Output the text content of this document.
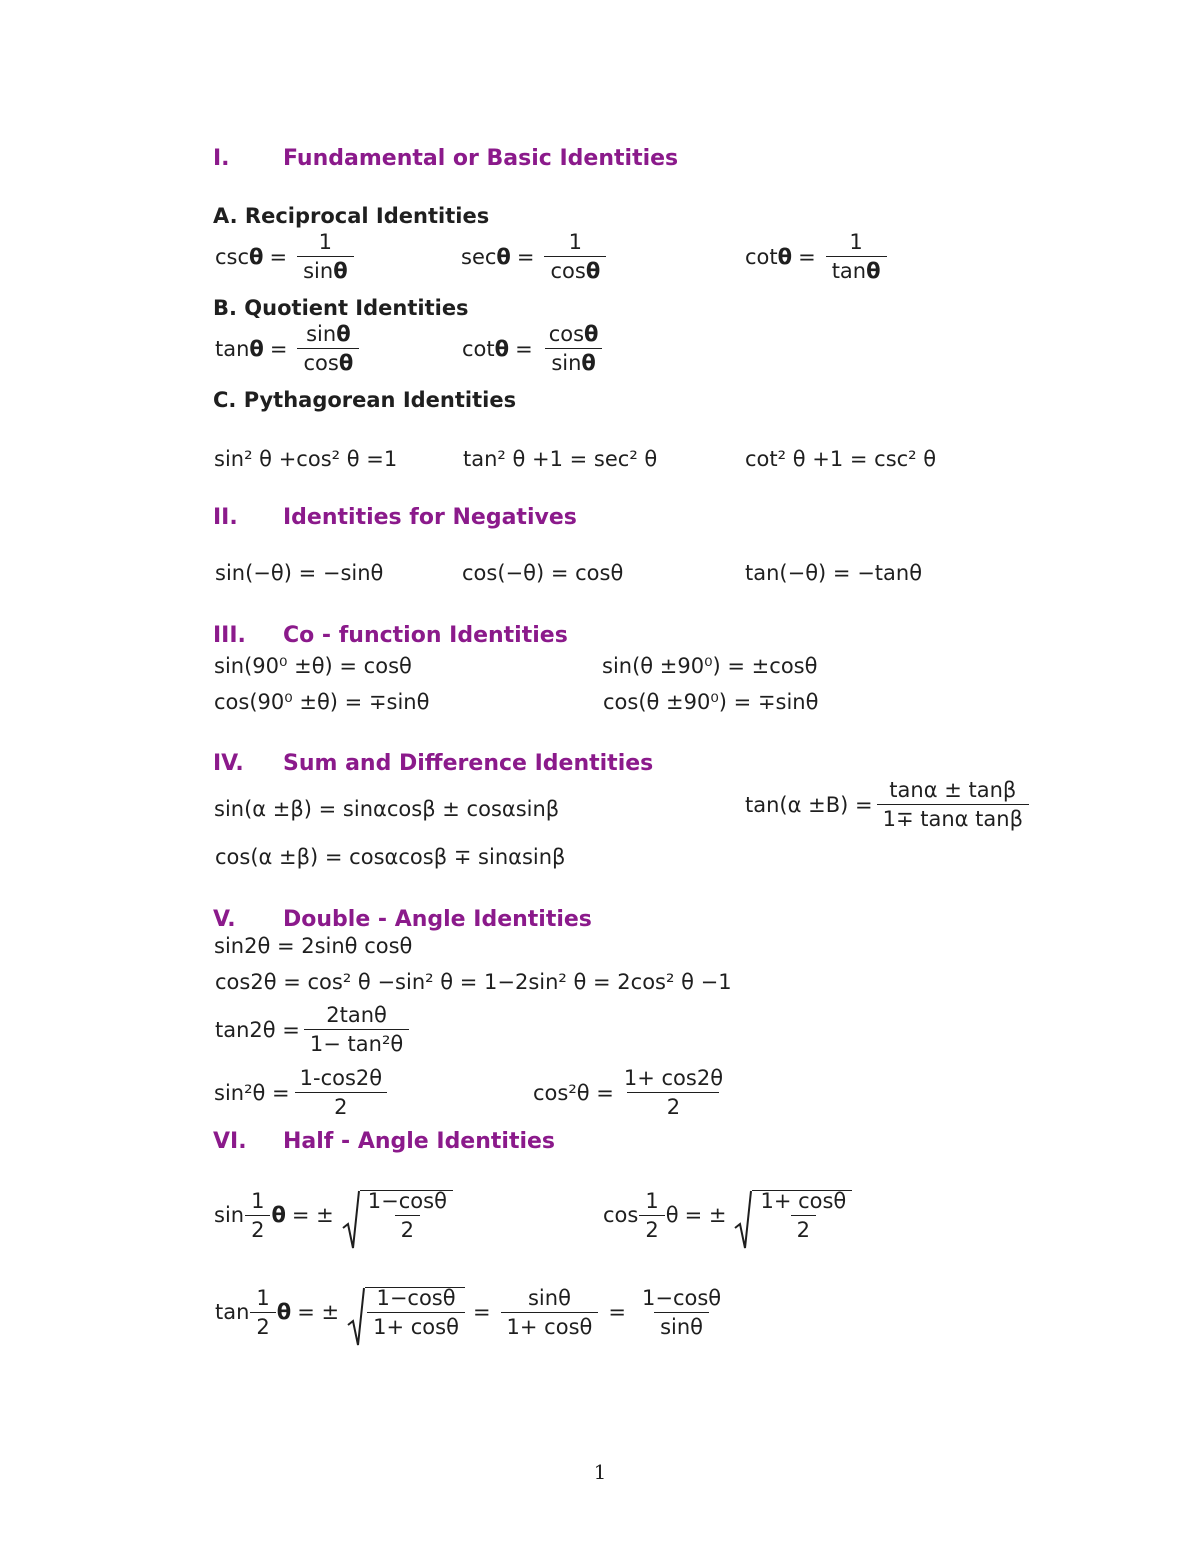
I. Fundamental or Basic Identities
A. Reciprocal Identities
$\csc \theta = \frac{1}{\sin\theta}$	$\sec \theta = \frac{1}{\cos\theta}$	$\cot \theta = \frac{1}{\tan\theta}$
B. Quotient Identities
$\tan \theta = \frac{\sin\theta}{\cos\theta}$	$\cot \theta = \frac{\cos\theta}{\sin\theta}$
C. Pythagorean Identities
sin² θ +cos² θ =1	tan² θ +1 = sec² θ	cot² θ +1 = csc² θ
II. Identities for Negatives
sin(−θ) = −sinθ	cos(−θ) = cosθ	tan(−θ) = −tanθ
III. Co - function Identities
sin(90⁰ ±θ) = cosθ	sin(θ ±90⁰) = ±cosθ
cos(90⁰ ±θ) = ∓sinθ	cos(θ ±90⁰) = ∓sinθ
IV. Sum and Difference Identities
sin(α ±β) = sinαcosβ ± cosαsinβ	$\tan(\alpha \pm B) = \frac{\tan\alpha \pm \tan\beta}{\text{1∓ tanα tanβ}}$
cos(α ±β) = cosαcosβ ∓ sinαsinβ
V. Double - Angle Identities
sin2θ = 2sinθ cosθ
cos2θ = cos² θ −sin² θ = 1−2sin² θ = 2cos² θ −1
$\tan 2\theta = \frac{2\tan\theta}{\text{1− tan²θ}}$
$\sin^2\theta = \frac{1-\cos 2\theta}{2}$	$\cos^2\theta = \frac{1+ \cos 2\theta}{2}$
VI. Half - Angle Identities
$\sin \frac{1}{2}$ θ = ± $\frac{1-\cos\theta}{2}$	$\cos \frac{1}{2}$ θ = ± $\frac{1+ \cos\theta}{2}$
$\tan \frac{1}{2}$ θ = ± $\frac{1-\cos\theta}{1+ \cos\theta} = \frac{\sin\theta}{1+ \cos\theta} = \frac{1-\cos\theta}{\sin\theta}$
1
